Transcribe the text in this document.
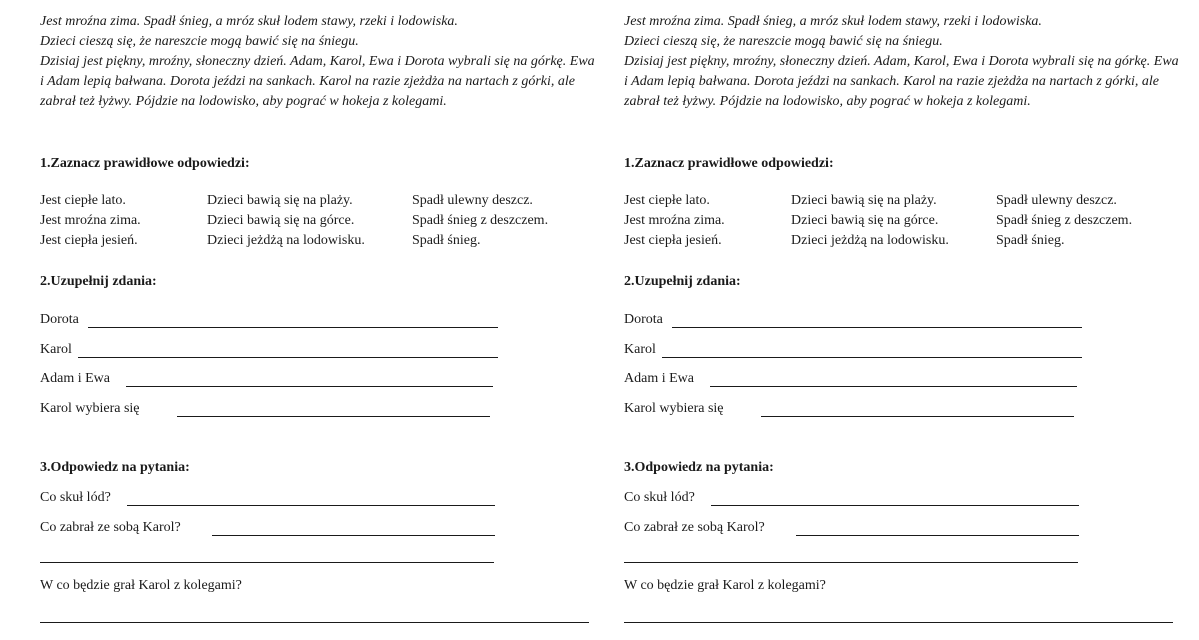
Jest mroźna zima. Spadł śnieg, a mróz skuł lodem stawy, rzeki i lodowiska.

Dzieci cieszą się, że nareszcie mogą bawić się na śniegu.

Dzisiaj jest piękny, mroźny, słoneczny dzień. Adam, Karol, Ewa i Dorota wybrali się na górkę. Ewa i Adam lepią bałwana. Dorota jeździ na sankach. Karol na razie zjeżdża na nartach z górki, ale zabrał też łyżwy. Pójdzie na lodowisko, aby pograć w hokeja z kolegami.

1.Zaznacz prawidłowe odpowiedzi:
Jest ciepłe lato.	Dzieci bawią się na plaży.	Spadł ulewny deszcz.
Jest mroźna zima.	Dzieci bawią się na górce.	Spadł śnieg z deszczem.
Jest ciepła jesień.	Dzieci jeżdżą na lodowisku.	Spadł śnieg.
2.Uzupełnij zdania:
Dorota
Karol
Adam i Ewa
Karol wybiera się
3.Odpowiedz na pytania:
Co skuł lód?
Co zabrał ze sobą Karol?
W co będzie grał Karol z kolegami?

Jest mroźna zima. Spadł śnieg, a mróz skuł lodem stawy, rzeki i lodowiska.

Dzieci cieszą się, że nareszcie mogą bawić się na śniegu.

Dzisiaj jest piękny, mroźny, słoneczny dzień. Adam, Karol, Ewa i Dorota wybrali się na górkę. Ewa i Adam lepią bałwana. Dorota jeździ na sankach. Karol na razie zjeżdża na nartach z górki, ale zabrał też łyżwy. Pójdzie na lodowisko, aby pograć w hokeja z kolegami.

1.Zaznacz prawidłowe odpowiedzi:
Jest ciepłe lato.	Dzieci bawią się na plaży.	Spadł ulewny deszcz.
Jest mroźna zima.	Dzieci bawią się na górce.	Spadł śnieg z deszczem.
Jest ciepła jesień.	Dzieci jeżdżą na lodowisku.	Spadł śnieg.
2.Uzupełnij zdania:
Dorota
Karol
Adam i Ewa
Karol wybiera się
3.Odpowiedz na pytania:
Co skuł lód?
Co zabrał ze sobą Karol?
W co będzie grał Karol z kolegami?
